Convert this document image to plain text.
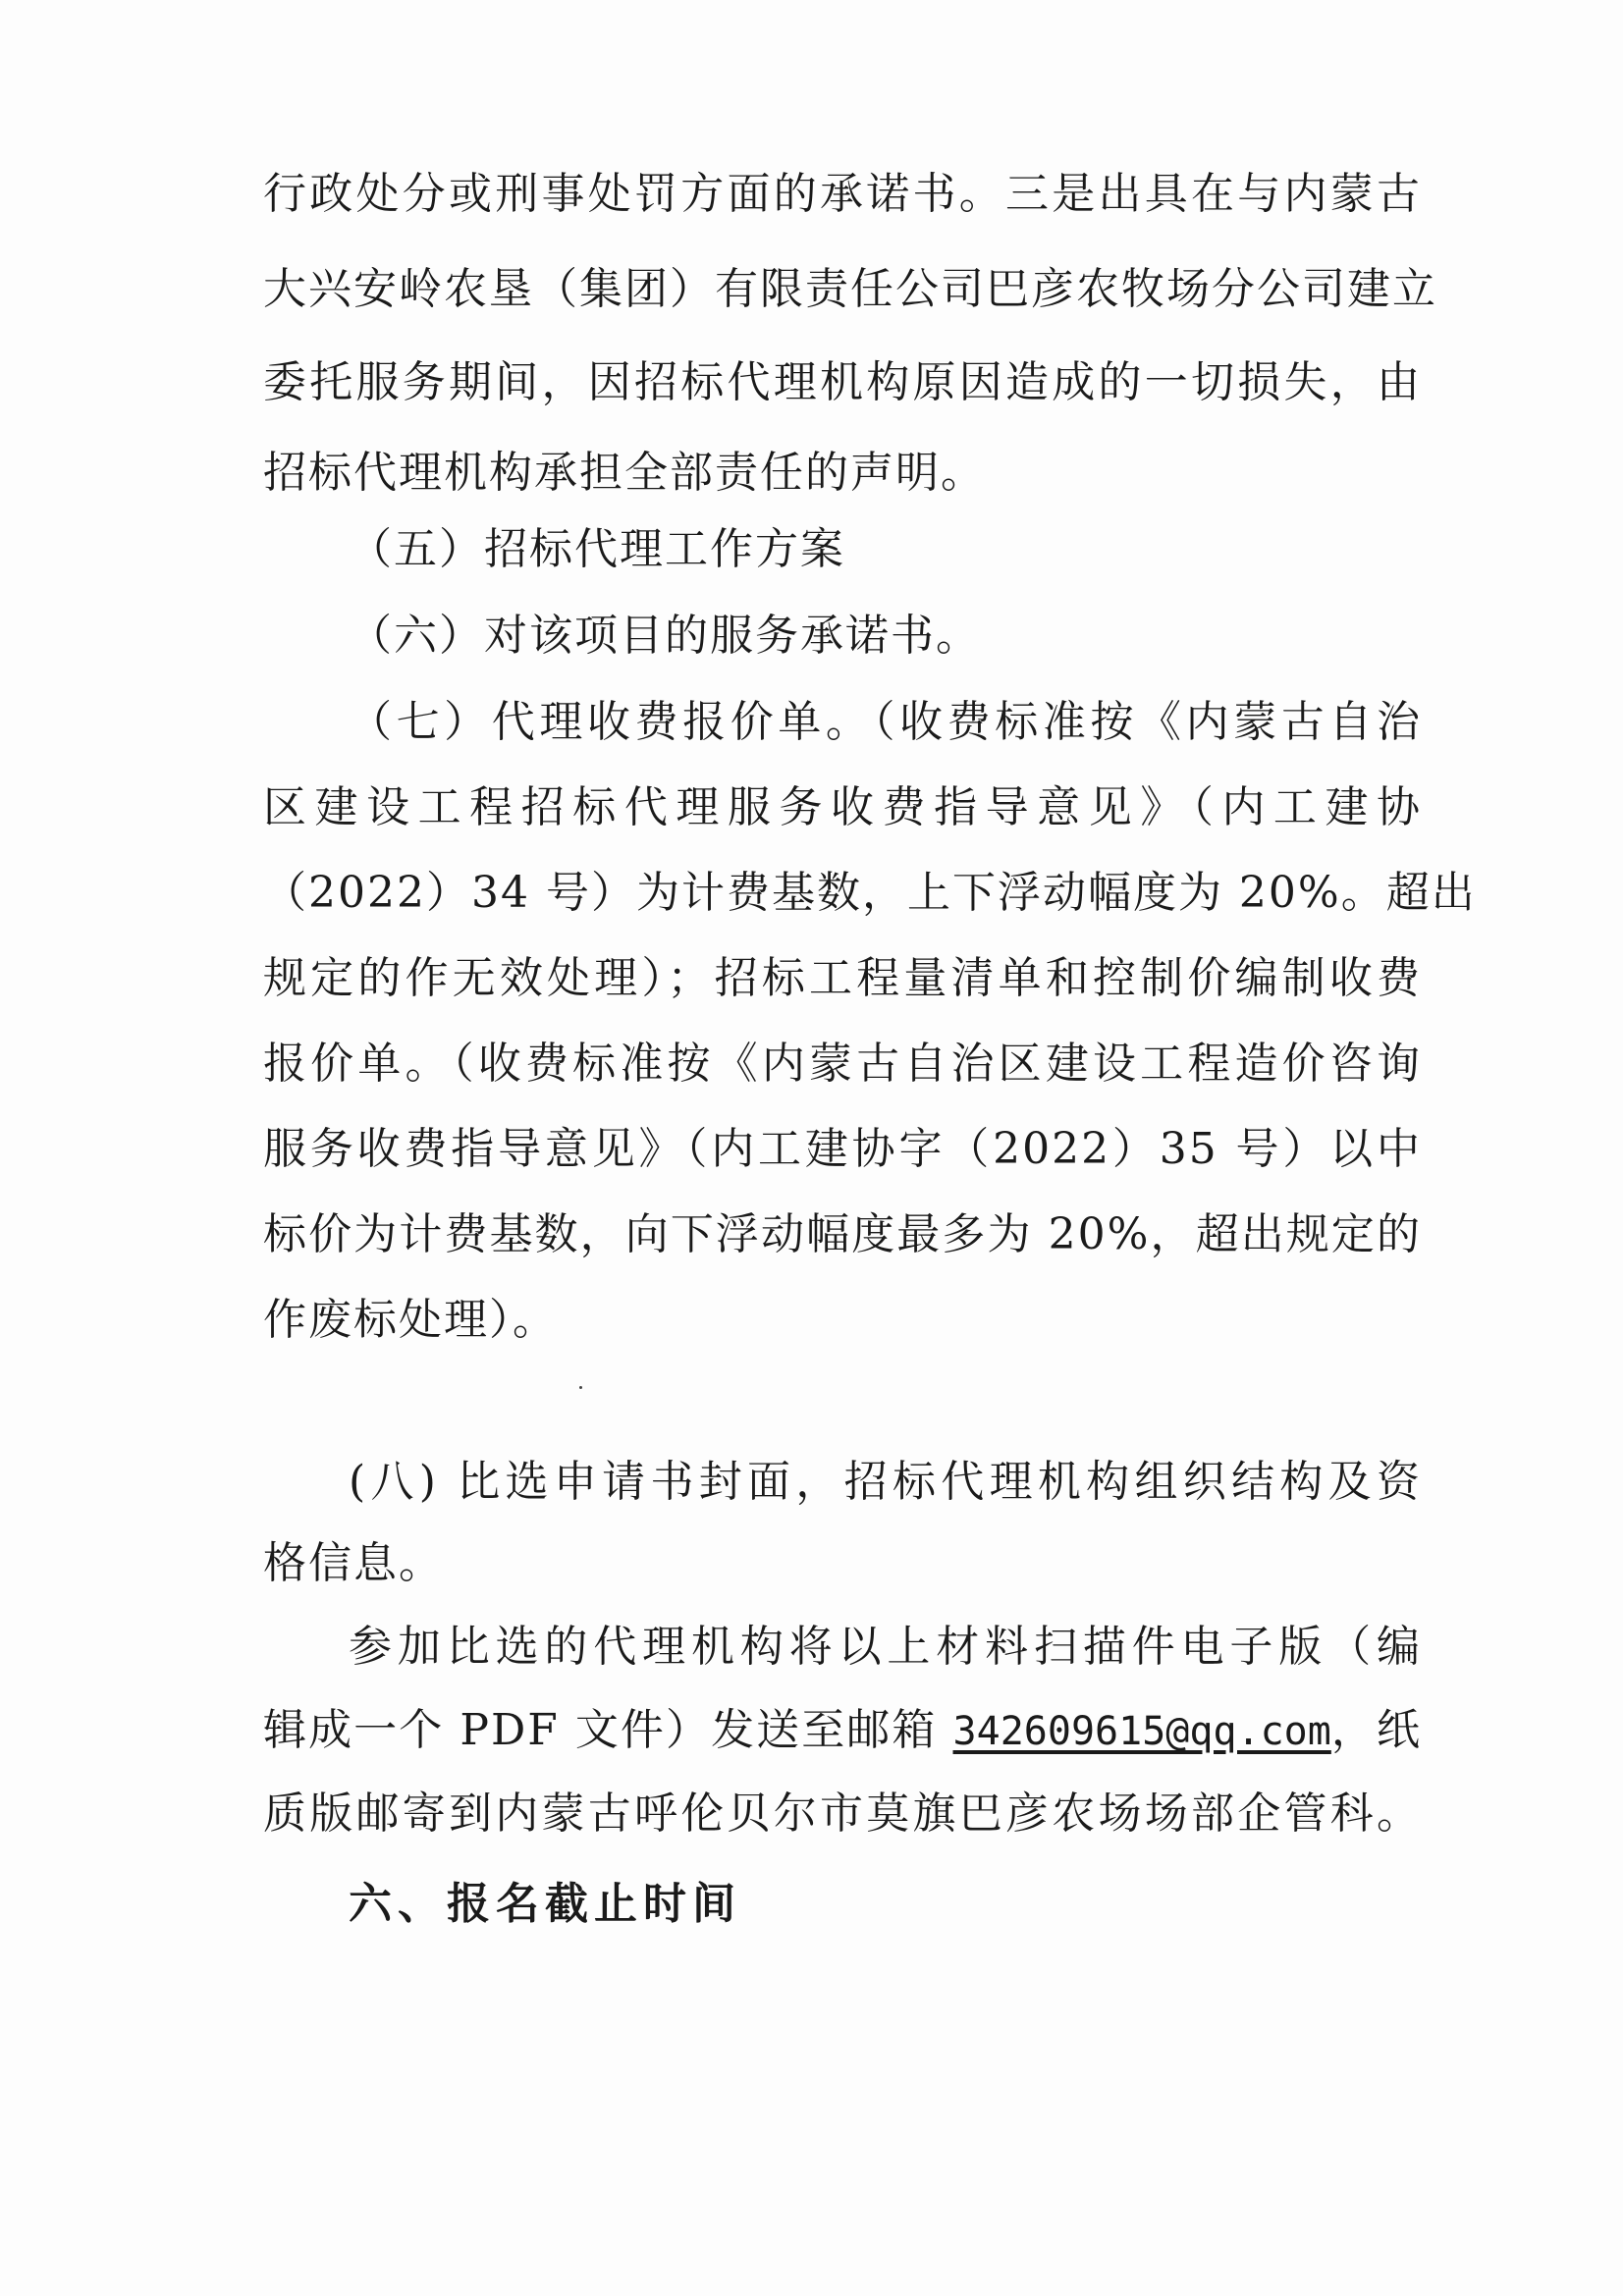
行政处分或刑事处罚方面的承诺书。三是出具在与内蒙古
大兴安岭农垦（集团）有限责任公司巴彦农牧场分公司建立
委托服务期间，因招标代理机构原因造成的一切损失，由
招标代理机构承担全部责任的声明。
（五）招标代理工作方案
（六）对该项目的服务承诺书。
（七）代理收费报价单。（收费标准按《内蒙古自治
区建设工程招标代理服务收费指导意见》（内工建协
（2022）34 号）为计费基数，上下浮动幅度为 20%。超出
规定的作无效处理）；招标工程量清单和控制价编制收费
报价单。（收费标准按《内蒙古自治区建设工程造价咨询
服务收费指导意见》（内工建协字（2022）35 号）以中
标价为计费基数，向下浮动幅度最多为 20%，超出规定的
作废标处理）。
(八) 比选申请书封面，招标代理机构组织结构及资
格信息。
参加比选的代理机构将以上材料扫描件电子版（编
辑成一个 PDF 文件）发送至邮箱 342609615@qq.com，纸
质版邮寄到内蒙古呼伦贝尔市莫旗巴彦农场场部企管科。
六、报名截止时间
